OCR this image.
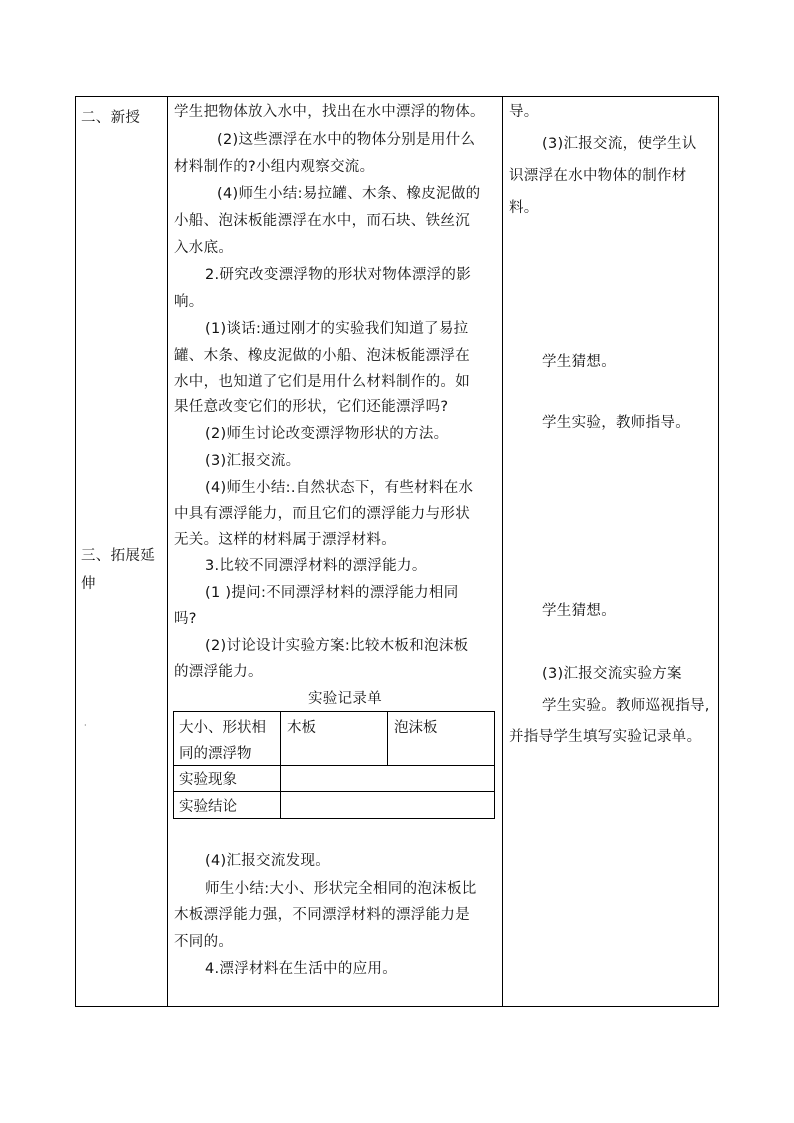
二、新授
三、拓展延
伸
·
学生把物体放入水中，找出在水中漂浮的物体。
(2)这些漂浮在水中的物体分别是用什么
材料制作的?小组内观察交流。
(4)师生小结:易拉罐、木条、橡皮泥做的
小船、泡沫板能漂浮在水中，而石块、铁丝沉
入水底。
2.研究改变漂浮物的形状对物体漂浮的影
响。
(1)谈话:通过刚才的实验我们知道了易拉
罐、木条、橡皮泥做的小船、泡沫板能漂浮在
水中，也知道了它们是用什么材料制作的。如
果任意改变它们的形状，它们还能漂浮吗?
(2)师生讨论改变漂浮物形状的方法。
(3)汇报交流。
(4)师生小结:.自然状态下，有些材料在水
中具有漂浮能力，而且它们的漂浮能力与形状
无关。这样的材料属于漂浮材料。
3.比较不同漂浮材料的漂浮能力。
(1 )提问:不同漂浮材料的漂浮能力相同
吗?
(2)讨论设计实验方案:比较木板和泡沫板
的漂浮能力。
实验记录单
大小、形状相
同的漂浮物
木板	泡沫板
实验现象
实验结论
(4)汇报交流发现。
师生小结:大小、形状完全相同的泡沫板比
木板漂浮能力强，不同漂浮材料的漂浮能力是
不同的。
4.漂浮材料在生活中的应用。
导。
(3)汇报交流，使学生认
识漂浮在水中物体的制作材
料。
学生猜想。
学生实验，教师指导。
学生猜想。
(3)汇报交流实验方案
学生实验。教师巡视指导,
并指导学生填写实验记录单。
